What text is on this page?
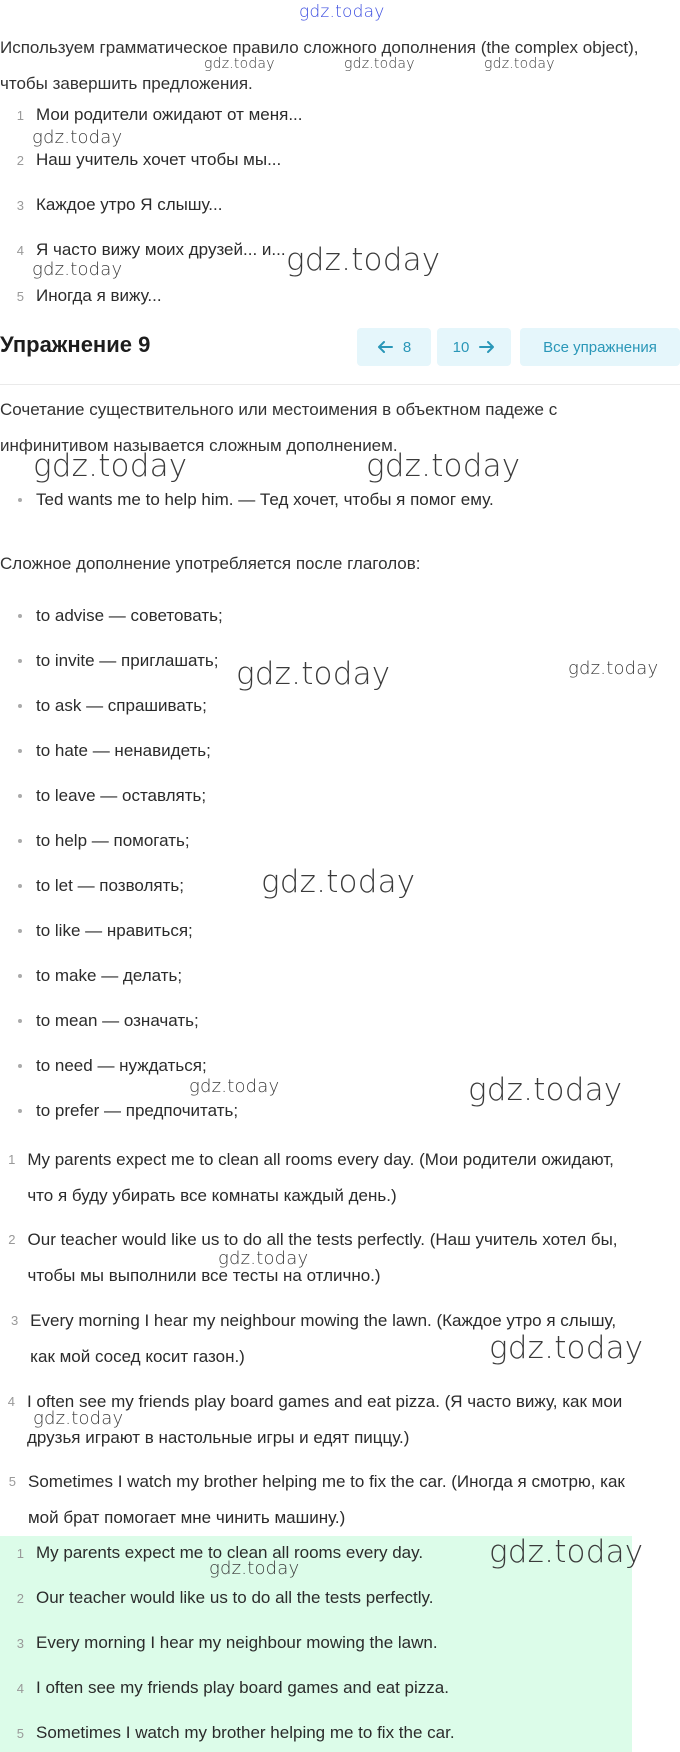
gdz.today
gdz.today	gdz.today	gdz.today
gdz.today
gdz.today	gdz.today
gdz.today	gdz.today
gdz.today	gdz.today
gdz.today
gdz.today	gdz.today
gdz.today
gdz.today
gdz.today
Используем грамматическое правило сложного дополнения (the complex object), чтобы завершить предложения.
1 Мои родители ожидают от меня...
2 Наш учитель хочет чтобы мы...
3 Каждое утро Я слышу...
4 Я часто вижу моих друзей... и...
5 Иногда я вижу...
Упражнение 9	8	10	Все упражнения
Сочетание существительного или местоимения в объектном падеже с инфинитивом называется сложным дополнением.
Ted wants me to help him. — Тед хочет, чтобы я помог ему.
Сложное дополнение употребляется после глаголов:
to advise — советовать;
to invite — приглашать;
to ask — спрашивать;
to hate — ненавидеть;
to leave — оставлять;
to help — помогать;
to let — позволять;
to like — нравиться;
to make — делать;
to mean — означать;
to need — нуждаться;
to prefer — предпочитать;
1 My parents expect me to clean all rooms every day. (Мои родители ожидают, что я буду убирать все комнаты каждый день.)
2 Our teacher would like us to do all the tests perfectly. (Наш учитель хотел бы, чтобы мы выполнили все тесты на отлично.)
3 Every morning I hear my neighbour mowing the lawn. (Каждое утро я слышу, как мой сосед косит газон.)
4 I often see my friends play board games and eat pizza. (Я часто вижу, как мои друзья играют в настольные игры и едят пиццу.)
5 Sometimes I watch my brother helping me to fix the car. (Иногда я смотрю, как мой брат помогает мне чинить машину.)
1 My parents expect me to clean all rooms every day.
2 Our teacher would like us to do all the tests perfectly.
3 Every morning I hear my neighbour mowing the lawn.
4 I often see my friends play board games and eat pizza.
5 Sometimes I watch my brother helping me to fix the car.
gdz.today
gdz.today
